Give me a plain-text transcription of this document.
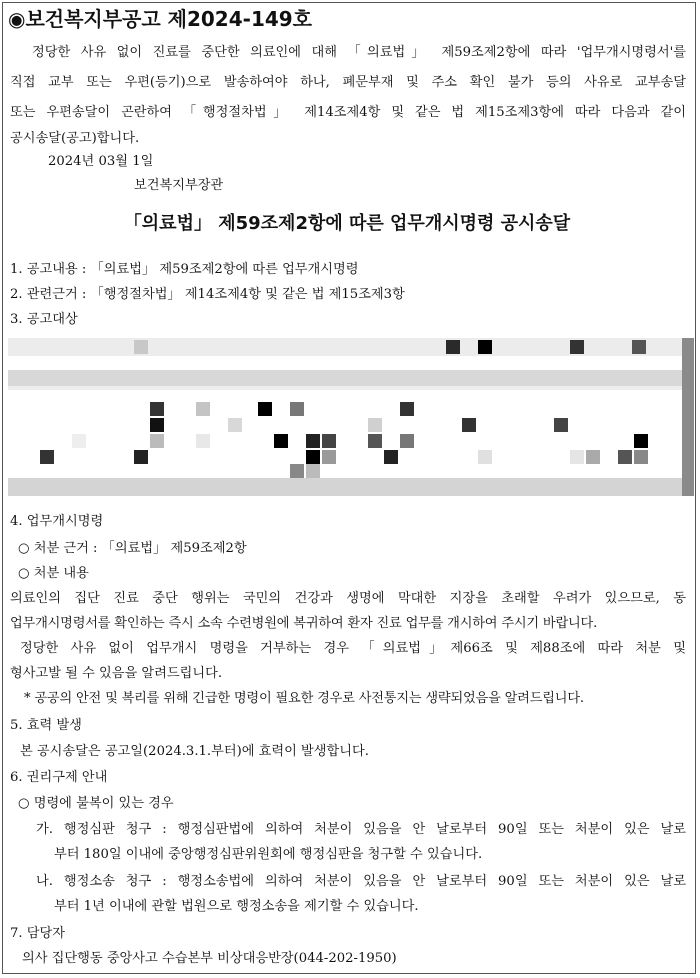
◉보건복지부공고 제2024-149호
정당한 사유 없이 진료를 중단한 의료인에 대해 「의료법」 제59조제2항에 따라 '업무개시명령서'를
직접 교부 또는 우편(등기)으로 발송하여야 하나, 폐문부재 및 주소 확인 불가 등의 사유로 교부송달
또는 우편송달이 곤란하여 「행정절차법」 제14조제4항 및 같은 법 제15조제3항에 따라 다음과 같이
공시송달(공고)합니다.
2024년 03월 1일
보건복지부장관
「의료법」 제59조제2항에 따른 업무개시명령 공시송달
1. 공고내용 : 「의료법」 제59조제2항에 따른 업무개시명령
2. 관련근거 : 「행정절차법」 제14조제4항 및 같은 법 제15조제3항
3. 공고대상
4. 업무개시명령
○ 처분 근거 : 「의료법」 제59조제2항
○ 처분 내용
의료인의 집단 진료 중단 행위는 국민의 건강과 생명에 막대한 지장을 초래할 우려가 있으므로, 동
업무개시명령서를 확인하는 즉시 소속 수련병원에 복귀하여 환자 진료 업무를 개시하여 주시기 바랍니다.
정당한 사유 없이 업무개시 명령을 거부하는 경우 「의료법」제66조 및 제88조에 따라 처분 및
형사고발 될 수 있음을 알려드립니다.
* 공공의 안전 및 복리를 위해 긴급한 명령이 필요한 경우로 사전통지는 생략되었음을 알려드립니다.
5. 효력 발생
본 공시송달은 공고일(2024.3.1.부터)에 효력이 발생합니다.
6. 권리구제 안내
○ 명령에 불복이 있는 경우
가. 행정심판 청구 : 행정심판법에 의하여 처분이 있음을 안 날로부터 90일 또는 처분이 있은 날로
부터 180일 이내에 중앙행정심판위원회에 행정심판을 청구할 수 있습니다.
나. 행정소송 청구 : 행정소송법에 의하여 처분이 있음을 안 날로부터 90일 또는 처분이 있은 날로
부터 1년 이내에 관할 법원으로 행정소송을 제기할 수 있습니다.
7. 담당자
의사 집단행동 중앙사고 수습본부 비상대응반장(044-202-1950)
